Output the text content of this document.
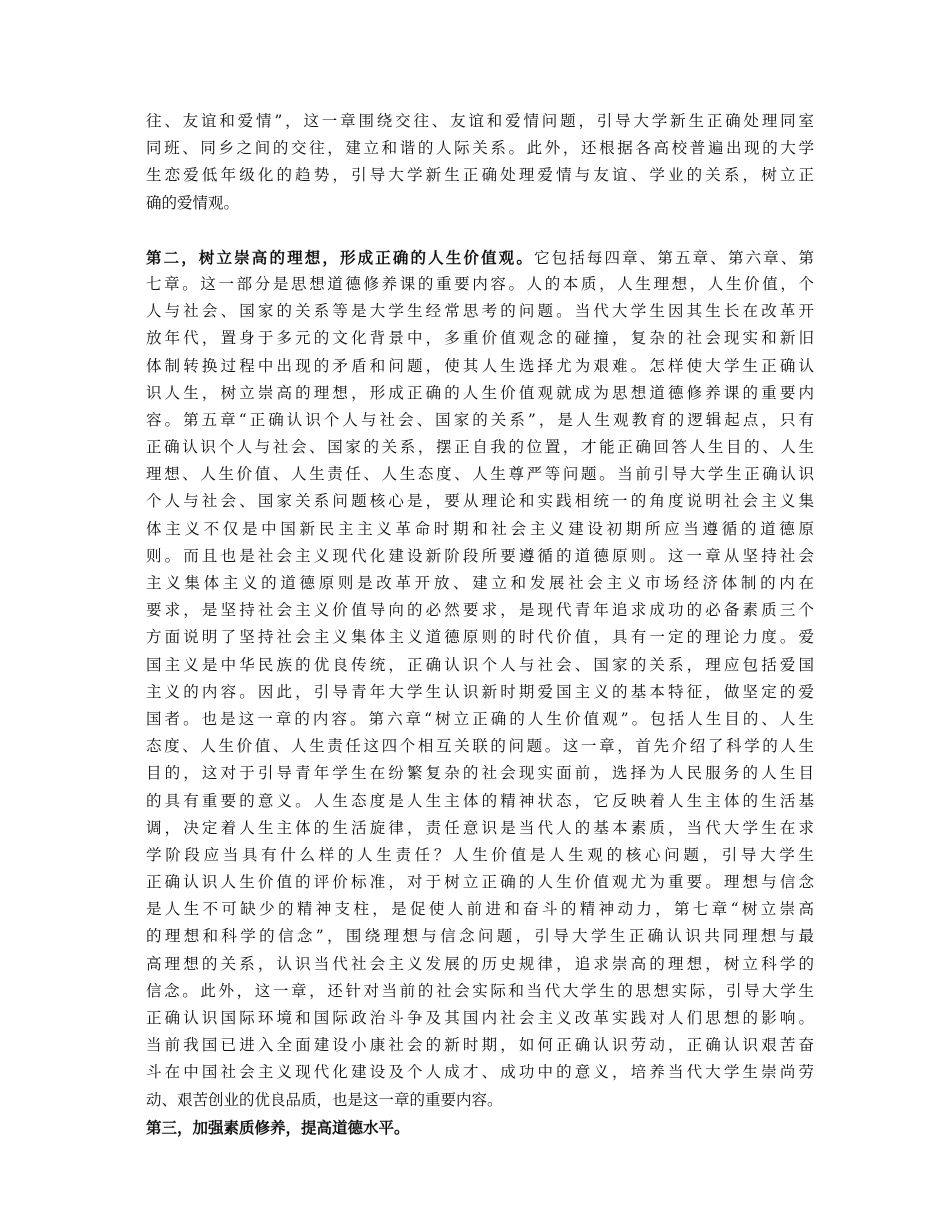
往、友谊和爱情”，这一章围绕交往、友谊和爱情问题，引导大学新生正确处理同室
同班、同乡之间的交往，建立和谐的人际关系。此外，还根据各高校普遍出现的大学
生恋爱低年级化的趋势，引导大学新生正确处理爱情与友谊、学业的关系，树立正
确的爱情观。
第二，树立崇高的理想，形成正确的人生价值观。它包括每四章、第五章、第六章、第
七章。这一部分是思想道德修养课的重要内容。人的本质，人生理想，人生价值，个
人与社会、国家的关系等是大学生经常思考的问题。当代大学生因其生长在改革开
放年代，置身于多元的文化背景中，多重价值观念的碰撞，复杂的社会现实和新旧
体制转换过程中出现的矛盾和问题，使其人生选择尤为艰难。怎样使大学生正确认
识人生，树立崇高的理想，形成正确的人生价值观就成为思想道德修养课的重要内
容。第五章“正确认识个人与社会、国家的关系”，是人生观教育的逻辑起点，只有
正确认识个人与社会、国家的关系，摆正自我的位置，才能正确回答人生目的、人生
理想、人生价值、人生责任、人生态度、人生尊严等问题。当前引导大学生正确认识
个人与社会、国家关系问题核心是，要从理论和实践相统一的角度说明社会主义集
体主义不仅是中国新民主主义革命时期和社会主义建设初期所应当遵循的道德原
则。而且也是社会主义现代化建设新阶段所要遵循的道德原则。这一章从坚持社会
主义集体主义的道德原则是改革开放、建立和发展社会主义市场经济体制的内在
要求，是坚持社会主义价值导向的必然要求，是现代青年追求成功的必备素质三个
方面说明了坚持社会主义集体主义道德原则的时代价值，具有一定的理论力度。爱
国主义是中华民族的优良传统，正确认识个人与社会、国家的关系，理应包括爱国
主义的内容。因此，引导青年大学生认识新时期爱国主义的基本特征，做坚定的爱
国者。也是这一章的内容。第六章“树立正确的人生价值观”。包括人生目的、人生
态度、人生价值、人生责任这四个相互关联的问题。这一章，首先介绍了科学的人生
目的，这对于引导青年学生在纷繁复杂的社会现实面前，选择为人民服务的人生目
的具有重要的意义。人生态度是人生主体的精神状态，它反映着人生主体的生活基
调，决定着人生主体的生活旋律，责任意识是当代人的基本素质，当代大学生在求
学阶段应当具有什么样的人生责任？人生价值是人生观的核心问题，引导大学生
正确认识人生价值的评价标准，对于树立正确的人生价值观尤为重要。理想与信念
是人生不可缺少的精神支柱，是促使人前进和奋斗的精神动力，第七章“树立崇高
的理想和科学的信念”，围绕理想与信念问题，引导大学生正确认识共同理想与最
高理想的关系，认识当代社会主义发展的历史规律，追求崇高的理想，树立科学的
信念。此外，这一章，还针对当前的社会实际和当代大学生的思想实际，引导大学生
正确认识国际环境和国际政治斗争及其国内社会主义改革实践对人们思想的影响。
当前我国已进入全面建设小康社会的新时期，如何正确认识劳动，正确认识艰苦奋
斗在中国社会主义现代化建设及个人成才、成功中的意义，培养当代大学生崇尚劳
动、艰苦创业的优良品质，也是这一章的重要内容。
第三，加强素质修养，提高道德水平。
